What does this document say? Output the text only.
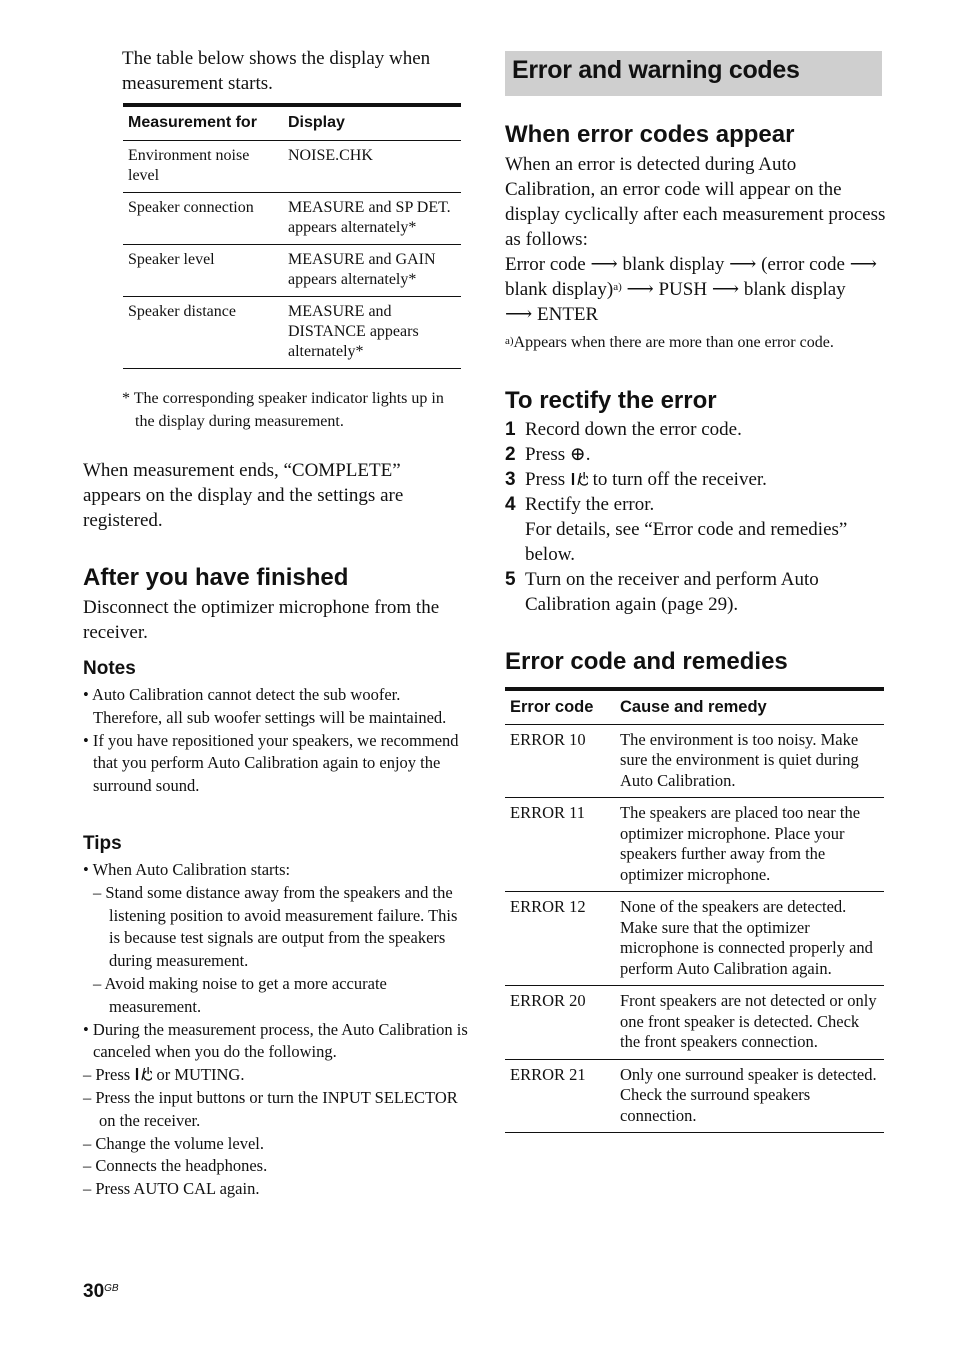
The table below shows the display when measurement starts.

Measurement for	Display
Environment noise level	NOISE.CHK
Speaker connection	MEASURE and SP DET. appears alternately*
Speaker level	MEASURE and GAIN appears alternately*
Speaker distance	MEASURE and DISTANCE appears alternately*
* The corresponding speaker indicator lights up in the display during measurement.

When measurement ends, “COMPLETE” appears on the display and the settings are registered.

After you have finished

Disconnect the optimizer microphone from the receiver.

Notes
• Auto Calibration cannot detect the sub woofer. Therefore, all sub woofer settings will be maintained.
• If you have repositioned your speakers, we recommend that you perform Auto Calibration again to enjoy the surround sound.
Tips
• When Auto Calibration starts:
– Stand some distance away from the speakers and the listening position to avoid measurement failure. This is because test signals are output from the speakers during measurement.
– Avoid making noise to get a more accurate measurement.
• During the measurement process, the Auto Calibration is canceled when you do the following.
– Press  or MUTING.
– Press the input buttons or turn the INPUT SELECTOR on the receiver.
– Change the volume level.
– Connects the headphones.
– Press AUTO CAL again.
Error and warning codes
When error codes appear

When an error is detected during Auto Calibration, an error code will appear on the display cyclically after each measurement process as follows:

Error code ⟶ blank display ⟶ (error code ⟶ blank display)$^{a)}$ ⟶ PUSH ⟶ blank display
⟶ ENTER

$^{a)}$Appears when there are more than one error code.

To rectify the error
1 Record down the error code.
2 Press ⊕.
3 Press  to turn off the receiver.
4 Rectify the error.
For details, see “Error code and remedies” below.
5 Turn on the receiver and perform Auto Calibration again (page 29).
Error code and remedies
Error code	Cause and remedy
ERROR 10	The environment is too noisy. Make sure the environment is quiet during Auto Calibration.
ERROR 11	The speakers are placed too near the optimizer microphone. Place your speakers further away from the optimizer microphone.
ERROR 12	None of the speakers are detected. Make sure that the optimizer microphone is connected properly and perform Auto Calibration again.
ERROR 20	Front speakers are not detected or only one front speaker is detected. Check the front speakers connection.
ERROR 21	Only one surround speaker is detected. Check the surround speakers connection.
$30^{GB}$
